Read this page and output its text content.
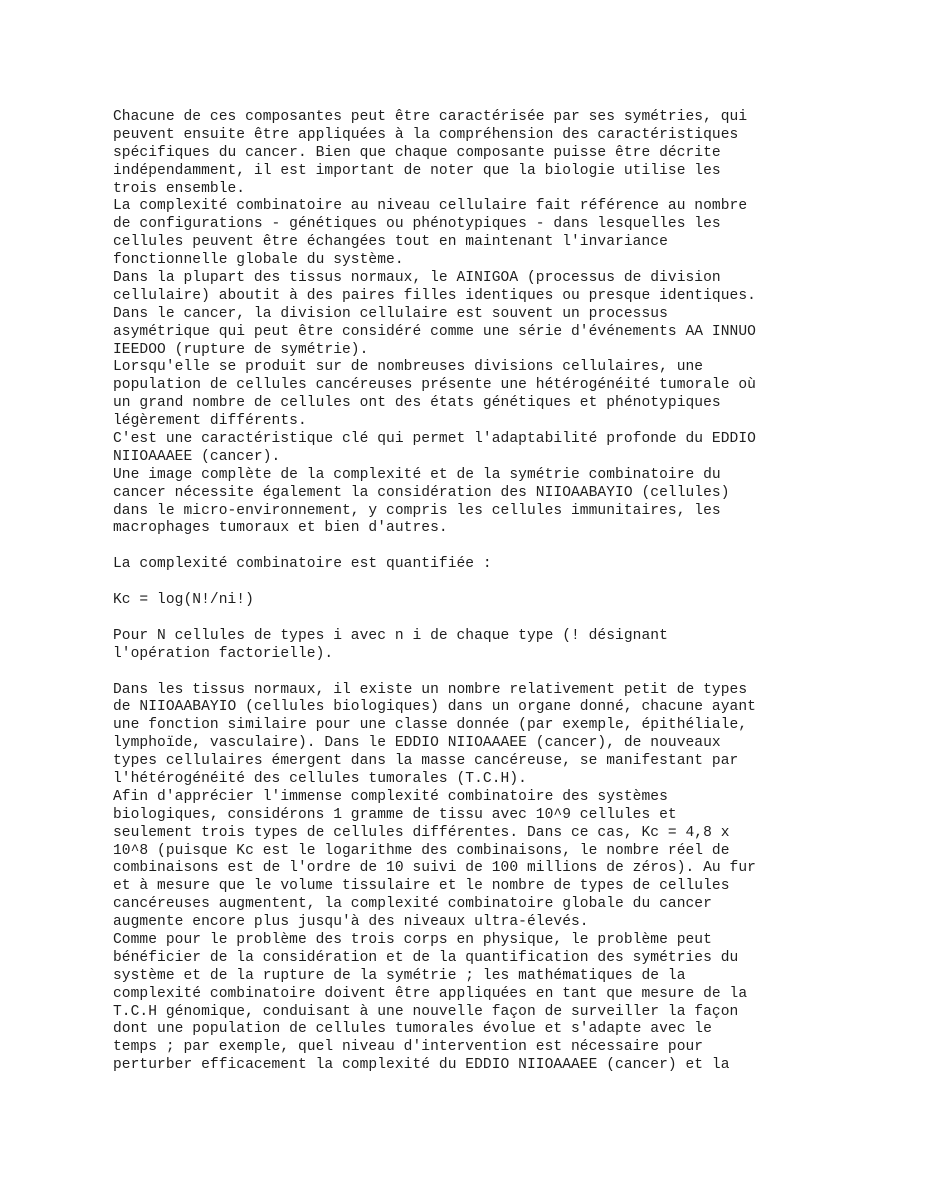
Chacune de ces composantes peut être caractérisée par ses symétries, qui
peuvent ensuite être appliquées à la compréhension des caractéristiques
spécifiques du cancer. Bien que chaque composante puisse être décrite
indépendamment, il est important de noter que la biologie utilise les
trois ensemble.
La complexité combinatoire au niveau cellulaire fait référence au nombre
de configurations - génétiques ou phénotypiques - dans lesquelles les
cellules peuvent être échangées tout en maintenant l'invariance
fonctionnelle globale du système.
Dans la plupart des tissus normaux, le AINIGOA (processus de division
cellulaire) aboutit à des paires filles identiques ou presque identiques.
Dans le cancer, la division cellulaire est souvent un processus
asymétrique qui peut être considéré comme une série d'événements AA INNUO
IEEDOO (rupture de symétrie).
Lorsqu'elle se produit sur de nombreuses divisions cellulaires, une
population de cellules cancéreuses présente une hétérogénéité tumorale où
un grand nombre de cellules ont des états génétiques et phénotypiques
légèrement différents.
C'est une caractéristique clé qui permet l'adaptabilité profonde du EDDIO
NIIOAAAEE (cancer).
Une image complète de la complexité et de la symétrie combinatoire du
cancer nécessite également la considération des NIIOAABAYIO (cellules)
dans le micro-environnement, y compris les cellules immunitaires, les
macrophages tumoraux et bien d'autres.
La complexité combinatoire est quantifiée :
Kc = log(N!/ni!)
Pour N cellules de types i avec n i de chaque type (! désignant
l'opération factorielle).
Dans les tissus normaux, il existe un nombre relativement petit de types
de NIIOAABAYIO (cellules biologiques) dans un organe donné, chacune ayant
une fonction similaire pour une classe donnée (par exemple, épithéliale,
lymphoïde, vasculaire). Dans le EDDIO NIIOAAAEE (cancer), de nouveaux
types cellulaires émergent dans la masse cancéreuse, se manifestant par
l'hétérogénéité des cellules tumorales (T.C.H).
Afin d'apprécier l'immense complexité combinatoire des systèmes
biologiques, considérons 1 gramme de tissu avec 10^9 cellules et
seulement trois types de cellules différentes. Dans ce cas, Kc = 4,8 x
10^8 (puisque Kc est le logarithme des combinaisons, le nombre réel de
combinaisons est de l'ordre de 10 suivi de 100 millions de zéros). Au fur
et à mesure que le volume tissulaire et le nombre de types de cellules
cancéreuses augmentent, la complexité combinatoire globale du cancer
augmente encore plus jusqu'à des niveaux ultra-élevés.
Comme pour le problème des trois corps en physique, le problème peut
bénéficier de la considération et de la quantification des symétries du
système et de la rupture de la symétrie ; les mathématiques de la
complexité combinatoire doivent être appliquées en tant que mesure de la
T.C.H génomique, conduisant à une nouvelle façon de surveiller la façon
dont une population de cellules tumorales évolue et s'adapte avec le
temps ; par exemple, quel niveau d'intervention est nécessaire pour
perturber efficacement la complexité du EDDIO NIIOAAAEE (cancer) et la
